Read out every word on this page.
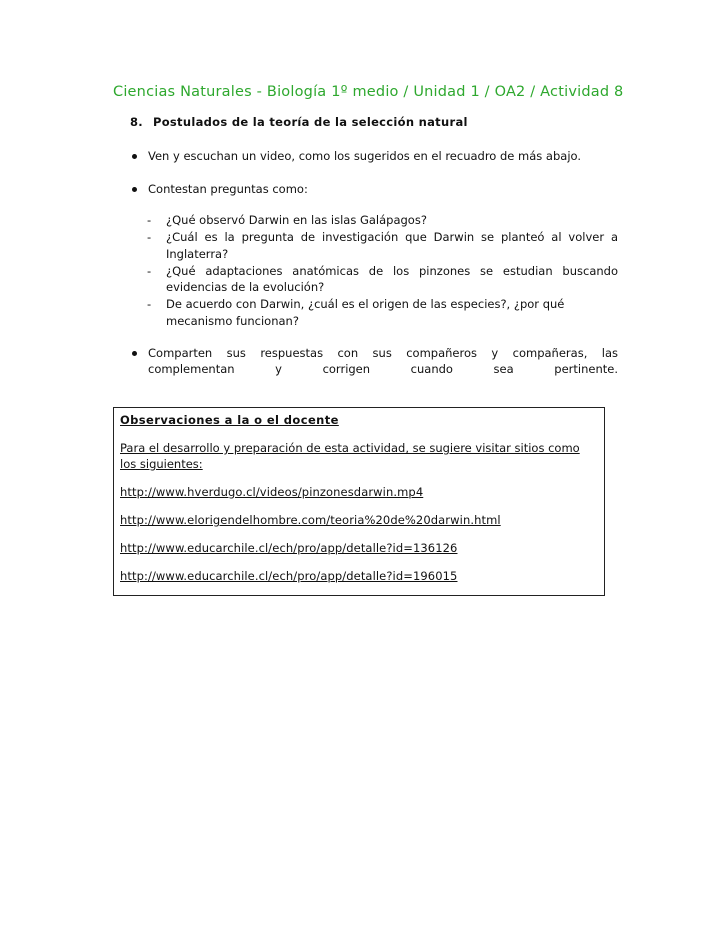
Ciencias Naturales - Biología 1º medio / Unidad 1 / OA2 / Actividad 8
8. Postulados de la teoría de la selección natural
Ven y escuchan un video, como los sugeridos en el recuadro de más abajo.
Contestan preguntas como:
- ¿Qué observó Darwin en las islas Galápagos?
- ¿Cuál es la pregunta de investigación que Darwin se planteó al volver a Inglaterra?
- ¿Qué adaptaciones anatómicas de los pinzones se estudian buscando evidencias de la evolución?
- De acuerdo con Darwin, ¿cuál es el origen de las especies?, ¿por qué mecanismo funcionan?
Comparten sus respuestas con sus compañeros y compañeras, las complementan y corrigen cuando sea pertinente.
Observaciones a la o el docente
Para el desarrollo y preparación de esta actividad, se sugiere visitar sitios como los siguientes:
http://www.hverdugo.cl/videos/pinzonesdarwin.mp4
http://www.elorigendelhombre.com/teoria%20de%20darwin.html
http://www.educarchile.cl/ech/pro/app/detalle?id=136126
http://www.educarchile.cl/ech/pro/app/detalle?id=196015
